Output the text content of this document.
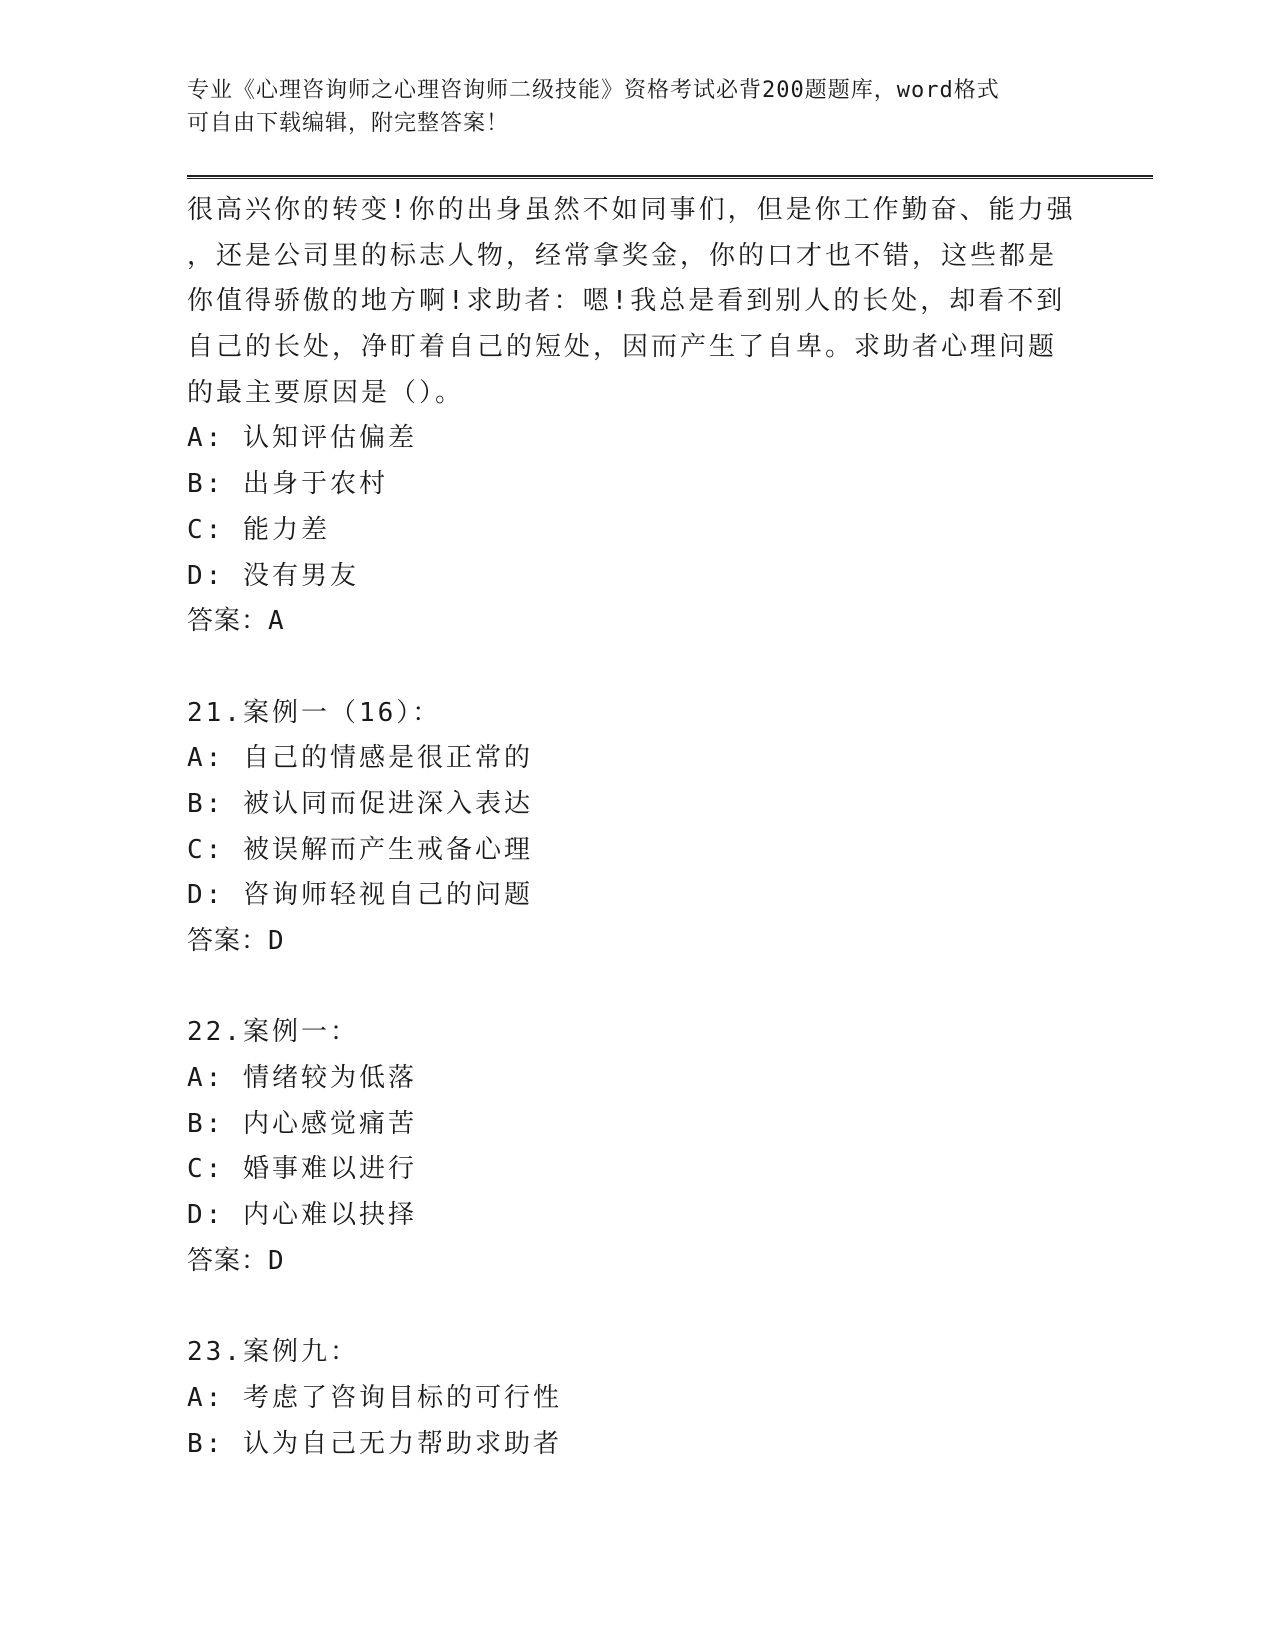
专业《心理咨询师之心理咨询师二级技能》资格考试必背200题题库，word格式
可自由下载编辑，附完整答案！
很高兴你的转变!你的出身虽然不如同事们，但是你工作勤奋、能力强
，还是公司里的标志人物，经常拿奖金，你的口才也不错，这些都是
你值得骄傲的地方啊!求助者：嗯!我总是看到别人的长处，却看不到
自己的长处，净盯着自己的短处，因而产生了自卑。求助者心理问题
的最主要原因是（）。
A: 认知评估偏差
B: 出身于农村
C: 能力差
D: 没有男友
答案：A
21.案例一（16）：
A: 自己的情感是很正常的
B: 被认同而促进深入表达
C: 被误解而产生戒备心理
D: 咨询师轻视自己的问题
答案：D
22.案例一：
A: 情绪较为低落
B: 内心感觉痛苦
C: 婚事难以进行
D: 内心难以抉择
答案：D
23.案例九：
A: 考虑了咨询目标的可行性
B: 认为自己无力帮助求助者
